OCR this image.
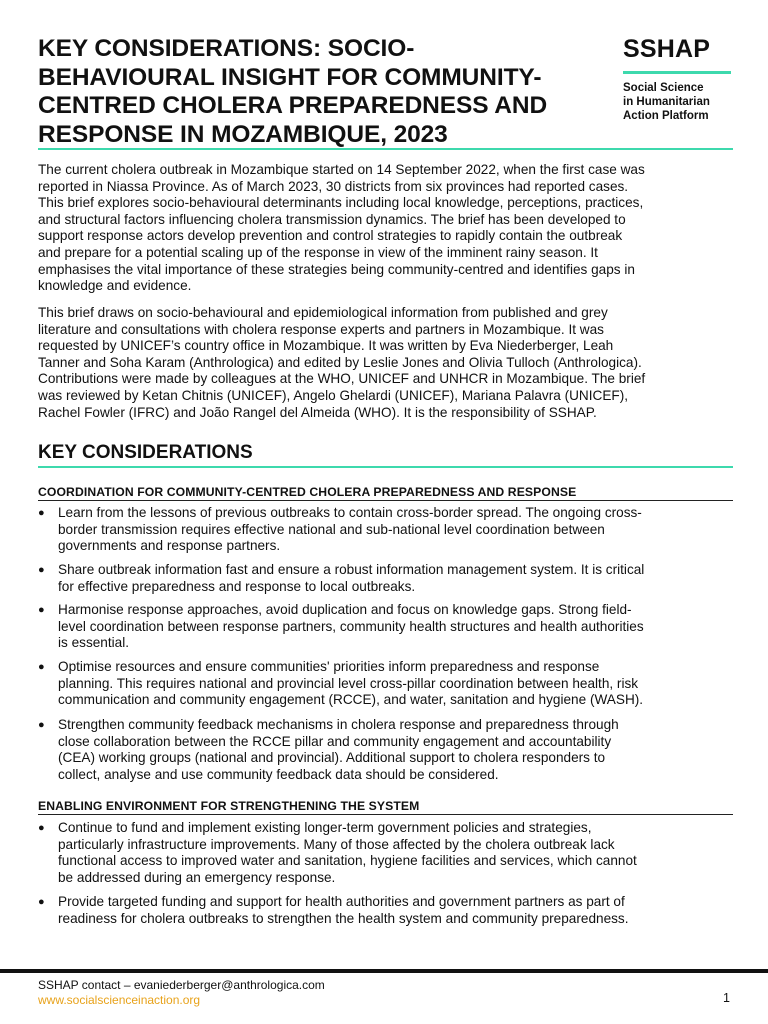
KEY CONSIDERATIONS: SOCIO-
BEHAVIOURAL INSIGHT FOR COMMUNITY-
CENTRED CHOLERA PREPAREDNESS AND
RESPONSE IN MOZAMBIQUE, 2023
SSHAP
Social Science
in Humanitarian
Action Platform
The current cholera outbreak in Mozambique started on 14 September 2022, when the first case was
reported in Niassa Province. As of March 2023, 30 districts from six provinces had reported cases.
This brief explores socio-behavioural determinants including local knowledge, perceptions, practices,
and structural factors influencing cholera transmission dynamics. The brief has been developed to
support response actors develop prevention and control strategies to rapidly contain the outbreak
and prepare for a potential scaling up of the response in view of the imminent rainy season. It
emphasises the vital importance of these strategies being community-centred and identifies gaps in
knowledge and evidence.
This brief draws on socio-behavioural and epidemiological information from published and grey
literature and consultations with cholera response experts and partners in Mozambique. It was
requested by UNICEF’s country office in Mozambique. It was written by Eva Niederberger, Leah
Tanner and Soha Karam (Anthrologica) and edited by Leslie Jones and Olivia Tulloch (Anthrologica).
Contributions were made by colleagues at the WHO, UNICEF and UNHCR in Mozambique. The brief
was reviewed by Ketan Chitnis (UNICEF), Angelo Ghelardi (UNICEF), Mariana Palavra (UNICEF),
Rachel Fowler (IFRC) and João Rangel del Almeida (WHO). It is the responsibility of SSHAP.
KEY CONSIDERATIONS
COORDINATION FOR COMMUNITY-CENTRED CHOLERA PREPAREDNESS AND RESPONSE
● Learn from the lessons of previous outbreaks to contain cross-border spread. The ongoing cross-
border transmission requires effective national and sub-national level coordination between
governments and response partners.
● Share outbreak information fast and ensure a robust information management system. It is critical
for effective preparedness and response to local outbreaks.
● Harmonise response approaches, avoid duplication and focus on knowledge gaps. Strong field-
level coordination between response partners, community health structures and health authorities
is essential.
● Optimise resources and ensure communities' priorities inform preparedness and response
planning. This requires national and provincial level cross-pillar coordination between health, risk
communication and community engagement (RCCE), and water, sanitation and hygiene (WASH).
● Strengthen community feedback mechanisms in cholera response and preparedness through
close collaboration between the RCCE pillar and community engagement and accountability
(CEA) working groups (national and provincial). Additional support to cholera responders to
collect, analyse and use community feedback data should be considered.
ENABLING ENVIRONMENT FOR STRENGTHENING THE SYSTEM
● Continue to fund and implement existing longer-term government policies and strategies,
particularly infrastructure improvements. Many of those affected by the cholera outbreak lack
functional access to improved water and sanitation, hygiene facilities and services, which cannot
be addressed during an emergency response.
● Provide targeted funding and support for health authorities and government partners as part of
readiness for cholera outbreaks to strengthen the health system and community preparedness.
SSHAP contact – evaniederberger@anthrologica.com
www.socialscienceinaction.org	1
